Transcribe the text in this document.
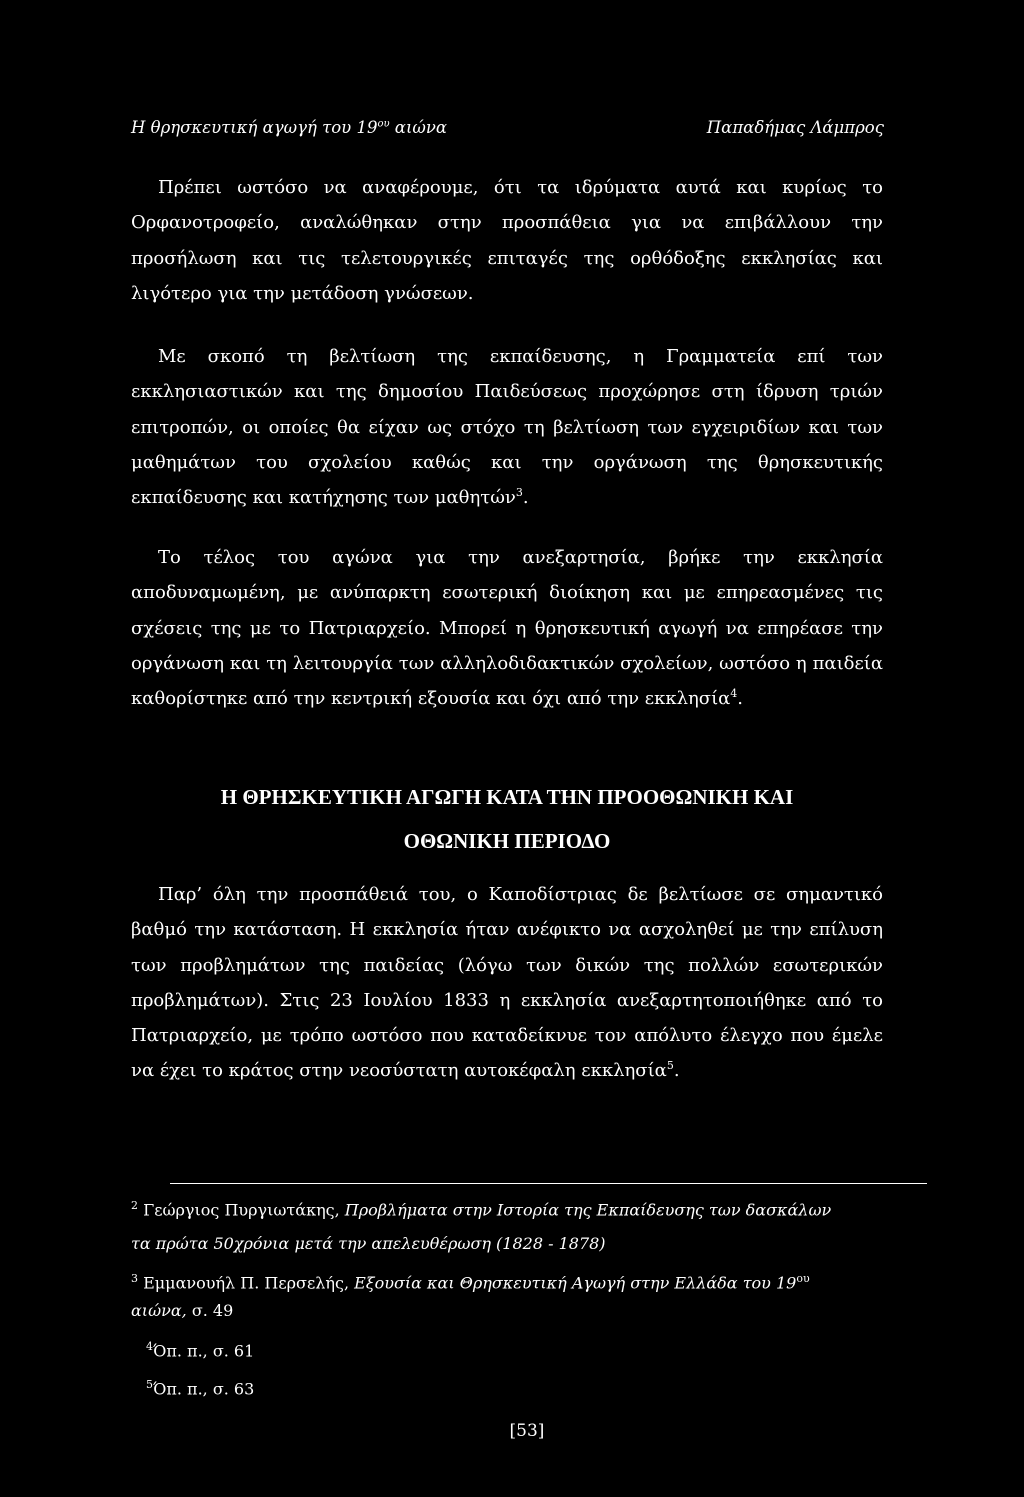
Η θρησκευτική αγωγή του $19^{o\upsilon}$ αιώνα	Παπαδήμας Λάμπρος

Πρέπει ωστόσο να αναφέρουμε, ότι τα ιδρύματα αυτά και κυρίως το Ορφανοτροφείο, αναλώθηκαν στην προσπάθεια για να επιβάλλουν την προσήλωση και τις τελετουργικές επιταγές της ορθόδοξης εκκλησίας και λιγότερο για την μετάδοση γνώσεων.

Με σκοπό τη βελτίωση της εκπαίδευσης, η Γραμματεία επί των εκκλησιαστικών και της δημοσίου Παιδεύσεως προχώρησε στη ίδρυση τριών επιτροπών, οι οποίες θα είχαν ως στόχο τη βελτίωση των εγχειριδίων και των μαθημάτων του σχολείου καθώς και την οργάνωση της θρησκευτικής εκπαίδευσης και κατήχησης των μαθητών$^3$.

Το τέλος του αγώνα για την ανεξαρτησία, βρήκε την εκκλησία αποδυναμωμένη, με ανύπαρκτη εσωτερική διοίκηση και με επηρεασμένες τις σχέσεις της με το Πατριαρχείο. Μπορεί η θρησκευτική αγωγή να επηρέασε την οργάνωση και τη λειτουργία των αλληλοδιδακτικών σχολείων, ωστόσο η παιδεία καθορίστηκε από την κεντρική εξουσία και όχι από την εκκλησία$^4$.

Η ΘΡΗΣΚΕΥΤΙΚΗ ΑΓΩΓΗ ΚΑΤΑ ΤΗΝ ΠΡΟΟΘΩΝΙΚΗ ΚΑΙ
ΟΘΩΝΙΚΗ ΠΕΡΙΟΔΟ

Παρ’ όλη την προσπάθειά του, ο Καποδίστριας δε βελτίωσε σε σημαντικό βαθμό την κατάσταση. Η εκκλησία ήταν ανέφικτο να ασχοληθεί με την επίλυση των προβλημάτων της παιδείας (λόγω των δικών της πολλών εσωτερικών προβλημάτων). Στις 23 Ιουλίου 1833 η εκκλησία ανεξαρτητοποιήθηκε από το Πατριαρχείο, με τρόπο ωστόσο που καταδείκνυε τον απόλυτο έλεγχο που έμελε να έχει το κράτος στην νεοσύστατη αυτοκέφαλη εκκλησία$^5$.

$^2$ Γεώργιος Πυργιωτάκης, Προβλήματα στην Ιστορία της Εκπαίδευσης των δασκάλων

τα πρώτα 50χρόνια μετά την απελευθέρωση (1828 - 1878)

$^3$ Εμμανουήλ Π. Περσελής, Εξουσία και Θρησκευτική Αγωγή στην Ελλάδα του $19^{o\upsilon}$

αιώνα, σ. 49

$^4$Όπ. π., σ. 61

$^5$Όπ. π., σ. 63

[53]
